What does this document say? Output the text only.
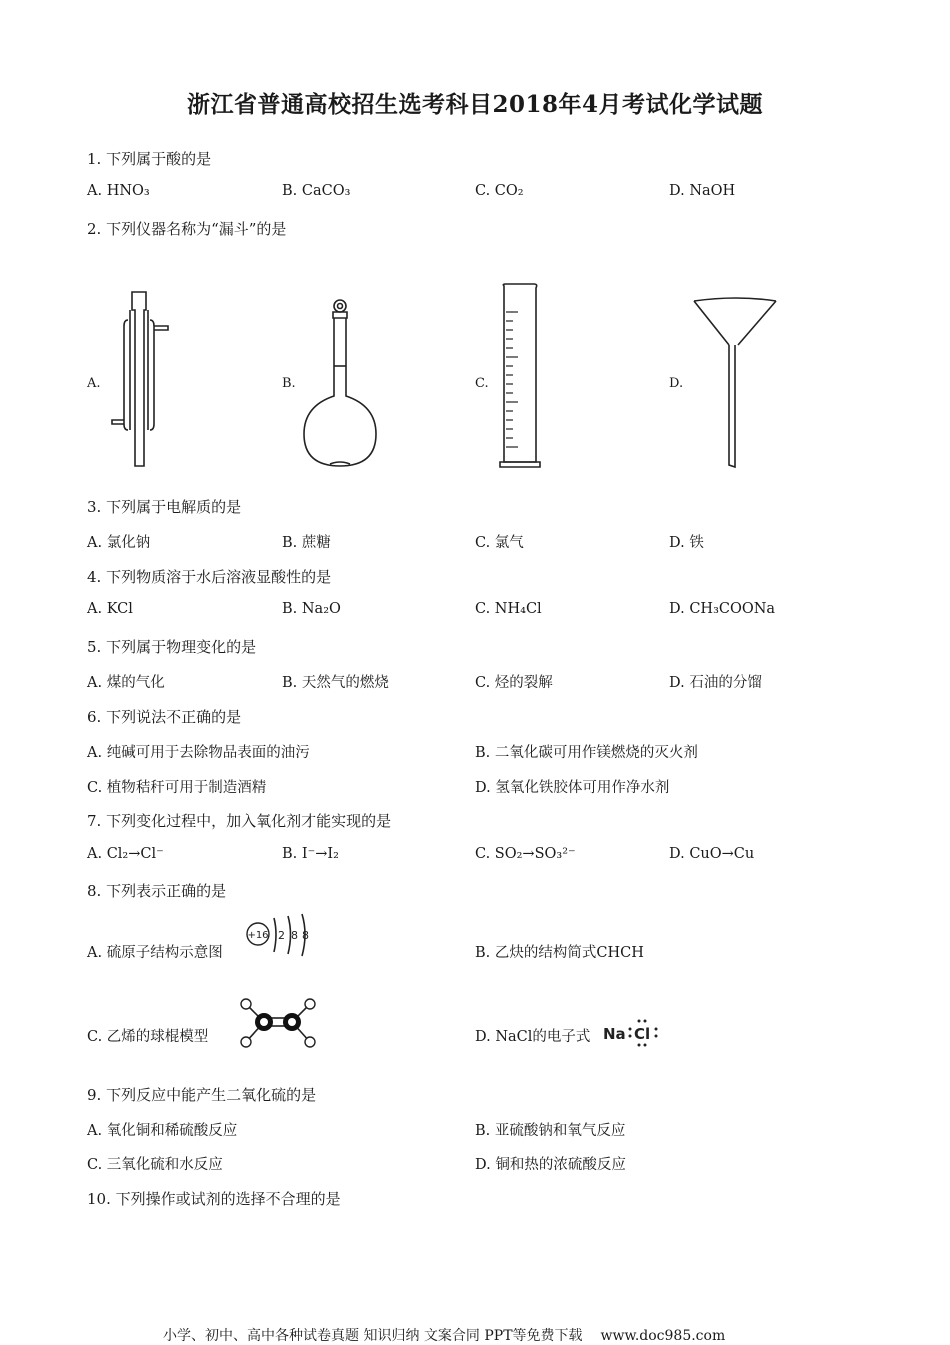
浙江省普通高校招生选考科目2018年4月考试化学试题
1. 下列属于酸的是
A. HNO₃	B. CaCO₃	C. CO₂	D. NaOH
2. 下列仪器名称为“漏斗”的是
A.	B.	C.	D.
3. 下列属于电解质的是
A. 氯化钠	B. 蔗糖	C. 氯气	D. 铁
4. 下列物质溶于水后溶液显酸性的是
A. KCl	B. Na₂O	C. NH₄Cl	D. CH₃COONa
5. 下列属于物理变化的是
A. 煤的气化	B. 天然气的燃烧	C. 烃的裂解	D. 石油的分馏
6. 下列说法不正确的是
A. 纯碱可用于去除物品表面的油污	B. 二氧化碳可用作镁燃烧的灭火剂
C. 植物秸秆可用于制造酒精	D. 氢氧化铁胶体可用作净水剂
7. 下列变化过程中，加入氧化剂才能实现的是
A. Cl₂→Cl⁻	B. I⁻→I₂	C. SO₂→SO₃²⁻	D. CuO→Cu
8. 下列表示正确的是
A. 硫原子结构示意图
+16 2 8 8
B. 乙炔的结构简式CHCH
C. 乙烯的球棍模型	D. NaCl的电子式 Na Cl
9. 下列反应中能产生二氧化硫的是
A. 氧化铜和稀硫酸反应	B. 亚硫酸钠和氧气反应
C. 三氧化硫和水反应	D. 铜和热的浓硫酸反应
10. 下列操作或试剂的选择不合理的是
小学、初中、高中各种试卷真题 知识归纳 文案合同 PPT等免费下载 www.doc985.com
